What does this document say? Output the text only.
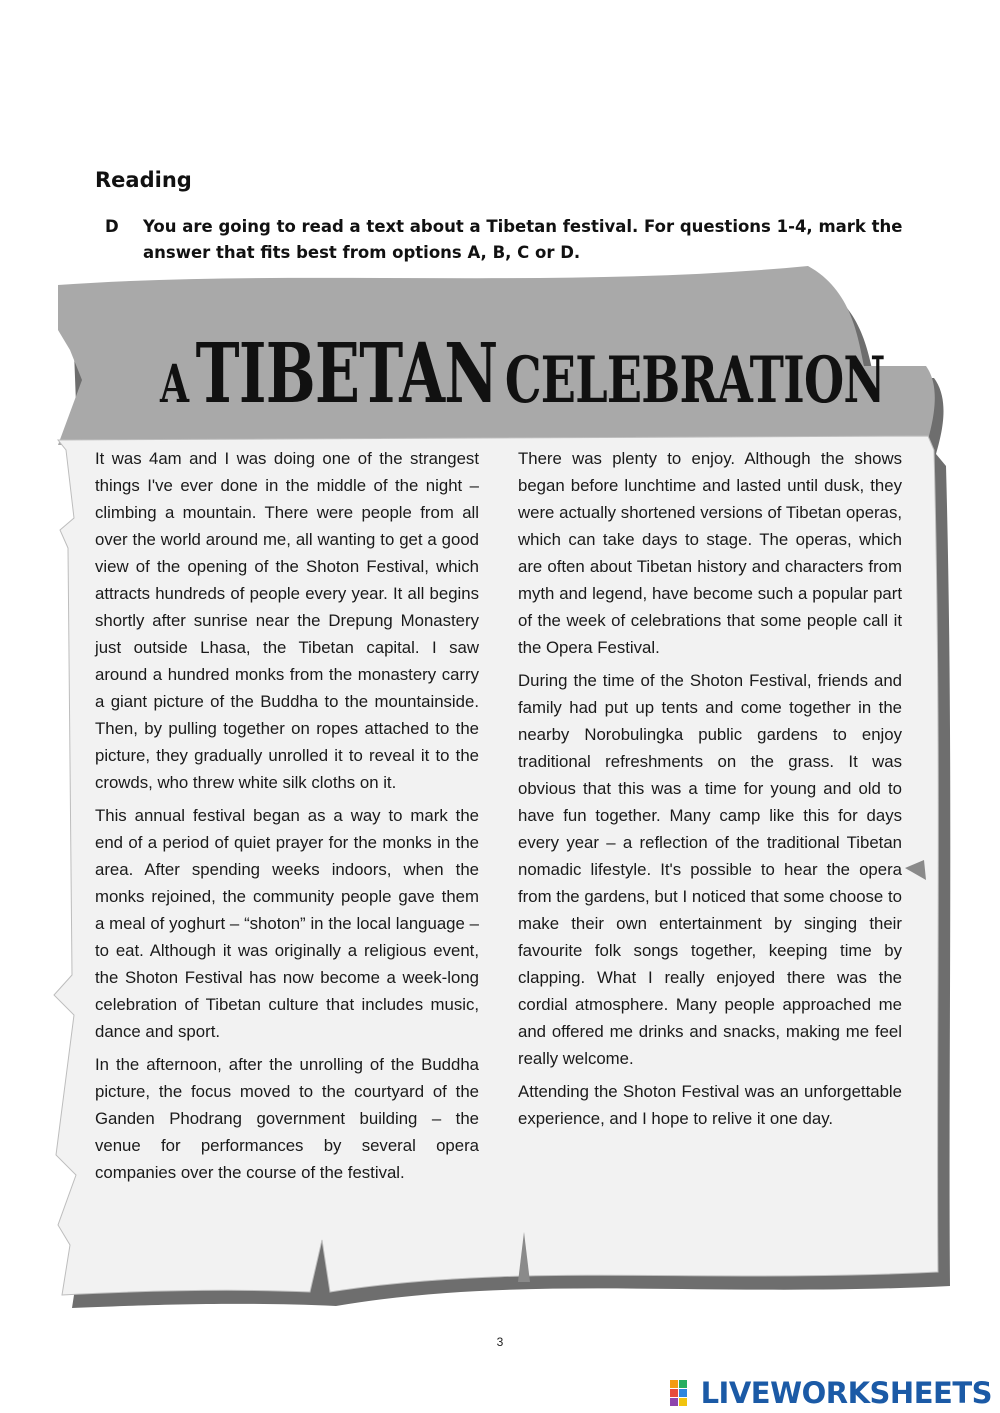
Reading
D You are going to read a text about a Tibetan festival. For questions 1-4, mark the answer that fits best from options A, B, C or D.
A TIBETAN CELEBRATION

It was 4am and I was doing one of the strangest things I've ever done in the middle of the night – climbing a mountain. There were people from all over the world around me, all wanting to get a good view of the opening of the Shoton Festival, which attracts hundreds of people every year. It all begins shortly after sunrise near the Drepung Monastery just outside Lhasa, the Tibetan capital. I saw around a hundred monks from the monastery carry a giant picture of the Buddha to the mountainside. Then, by pulling together on ropes attached to the picture, they gradually unrolled it to reveal it to the crowds, who threw white silk cloths on it.

This annual festival began as a way to mark the end of a period of quiet prayer for the monks in the area. After spending weeks indoors, when the monks rejoined, the community people gave them a meal of yoghurt – “shoton” in the local language – to eat. Although it was originally a religious event, the Shoton Festival has now become a week-long celebration of Tibetan culture that includes music, dance and sport.

In the afternoon, after the unrolling of the Buddha picture, the focus moved to the courtyard of the Ganden Phodrang government building – the venue for performances by several opera companies over the course of the festival.

There was plenty to enjoy. Although the shows began before lunchtime and lasted until dusk, they were actually shortened versions of Tibetan operas, which can take days to stage. The operas, which are often about Tibetan history and characters from myth and legend, have become such a popular part of the week of celebrations that some people call it the Opera Festival.

During the time of the Shoton Festival, friends and family had put up tents and come together in the nearby Norobulingka public gardens to enjoy traditional refreshments on the grass. It was obvious that this was a time for young and old to have fun together. Many camp like this for days every year – a reflection of the traditional Tibetan nomadic lifestyle. It's possible to hear the opera from the gardens, but I noticed that some choose to make their own entertainment by singing their favourite folk songs together, keeping time by clapping. What I really enjoyed there was the cordial atmosphere. Many people approached me and offered me drinks and snacks, making me feel really welcome.

Attending the Shoton Festival was an unforgettable experience, and I hope to relive it one day.

3
LIVEWORKSHEETS
